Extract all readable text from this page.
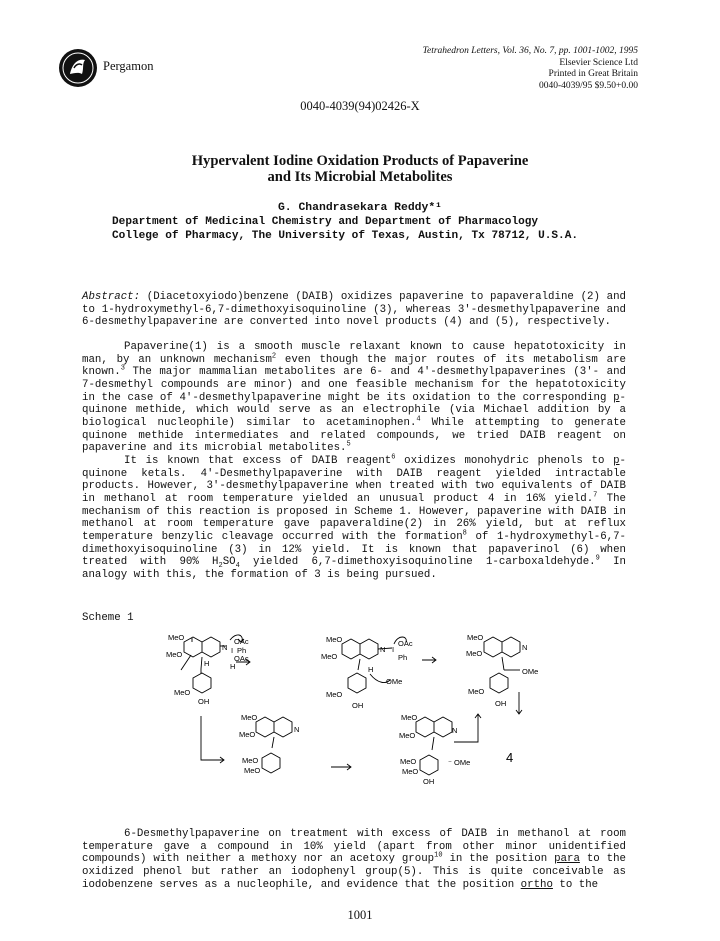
Pergamon
Tetrahedron Letters, Vol. 36, No. 7, pp. 1001-1002, 1995
Elsevier Science Ltd
Printed in Great Britain
0040-4039/95 $9.50+0.00
0040-4039(94)02426-X
Hypervalent Iodine Oxidation Products of Papaverine
and Its Microbial Metabolites
G. Chandrasekara Reddy*¹
Department of Medicinal Chemistry and Department of Pharmacology
College of Pharmacy, The University of Texas, Austin, Tx 78712, U.S.A.

Abstract: (Diacetoxyiodo)benzene (DAIB) oxidizes papaverine to papaveraldine (2) and to 1-hydroxymethyl-6,7-dimethoxyisoquinoline (3), whereas 3′-desmethylpapaverine and 6-desmethylpapaverine are converted into novel products (4) and (5), respectively.

Papaverine(1) is a smooth muscle relaxant known to cause hepatotoxicity in man, by an unknown mechanism$^2$ even though the major routes of its metabolism are known.$^3$ The major mammalian metabolites are 6- and 4′-desmethylpapaverines (3′- and 7-desmethyl compounds are minor) and one feasible mechanism for the hepatotoxicity in the case of 4′-desmethylpapaverine might be its oxidation to the corresponding p-quinone methide, which would serve as an electrophile (via Michael addition by a biological nucleophile) similar to acetaminophen.$^4$ While attempting to generate quinone methide intermediates and related compounds, we tried DAIB reagent on papaverine and its microbial metabolites.$^5$

It is known that excess of DAIB reagent$^6$ oxidizes monohydric phenols to p-quinone ketals. 4′-Desmethylpapaverine with DAIB reagent yielded intractable products. However, 3′-desmethylpapaverine when treated with two equivalents of DAIB in methanol at room temperature yielded an unusual product 4 in 16% yield.$^7$ The mechanism of this reaction is proposed in Scheme 1. However, papaverine with DAIB in methanol at room temperature gave papaveraldine(2) in 26% yield, but at reflux temperature benzylic cleavage occurred with the formation$^8$ of 1-hydroxymethyl-6,7-dimethoxyisoquinoline (3) in 12% yield. It is known that papaverinol (6) when treated with 90% $H_2SO_4$ yielded 6,7-dimethoxyisoquinoline 1-carboxaldehyde.$^9$ In analogy with this, the formation of 3 is being pursued.

Scheme 1
MeO
MeO
N
OAc
I Ph
OAc
H	H
MeO
OH
MeO
MeO
N I
OAc
Ph
H
OMe
MeO
OH
MeO
MeO
N
OMe
MeO
OH
MeO
MeO
N
MeO
MeO
MeO
MeO
N
⁻ OMe
MeO
MeO
OH
4

6-Desmethylpapaverine on treatment with excess of DAIB in methanol at room temperature gave a compound in 10% yield (apart from other minor unidentified compounds) with neither a methoxy nor an acetoxy group$^{10}$ in the position para to the oxidized phenol but rather an iodophenyl group(5). This is quite conceivable as iodobenzene serves as a nucleophile, and evidence that the position ortho to the

1001
